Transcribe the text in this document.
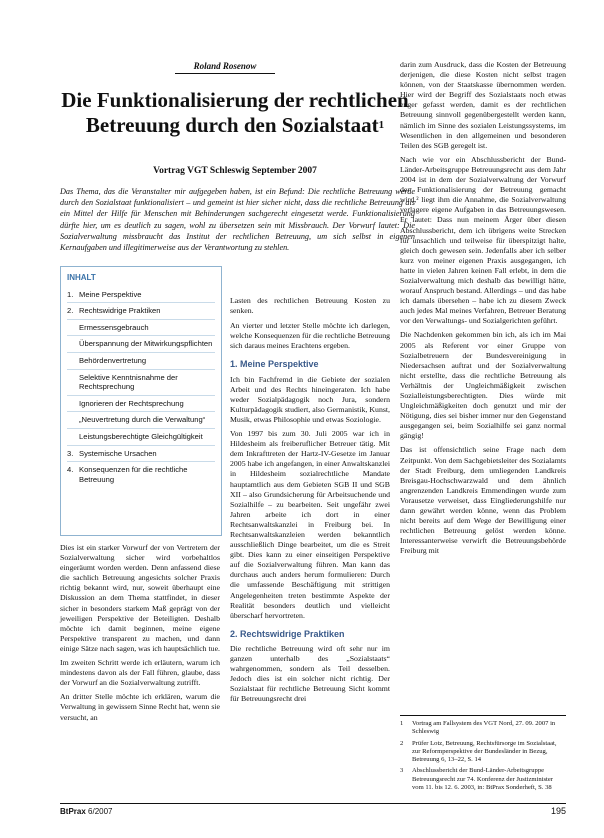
Roland Rosenow
Die Funktionalisierung der rechtlichen Betreuung durch den Sozialstaat$^1$
Vortrag VGT Schleswig September 2007
Das Thema, das die Veranstalter mir aufgegeben haben, ist ein Befund: Die rechtliche Betreuung werde durch den Sozialstaat funktionalisiert – und gemeint ist hier sicher nicht, dass die rechtliche Betreuung als ein Mittel der Hilfe für Menschen mit Behinderungen sachgerecht eingesetzt werde. Funktionalisierung dürfte hier, um es deutlich zu sagen, wohl zu übersetzen sein mit Missbrauch. Der Vorwurf lautet: Die Sozialverwaltung missbraucht das Institut der rechtlichen Betreuung, um sich selbst in eigenen Kernaufgaben und illegitimerweise aus der Verantwortung zu stehlen.
INHALT
1. Meine Perspektive
2. Rechtswidrige Praktiken
Ermessensgebrauch
Überspannung der Mitwirkungspflichten
Behördenvertretung
Selektive Kenntnisnahme der Rechtsprechung
Ignorieren der Rechtsprechung
„Neuvertretung durch die Verwaltung“
Leistungsberechtigte Gleichgültigkeit
3. Systemische Ursachen
4. Konsequenzen für die rechtliche Betreuung

Dies ist ein starker Vorwurf der von Vertretern der Sozialverwaltung sicher wird vorbehaltlos eingeräumt worden werden. Denn anfassend diese die sachlich Betreuung angesichts solcher Praxis richtig bekannt wird, nur, soweit überhaupt eine Diskussion an dem Thema stattfindet, in dieser sicher in besonders starkem Maß geprägt von der jeweiligen Perspektive der Beteiligten. Deshalb möchte ich damit beginnen, meine eigene Perspektive transparent zu machen, und dann einige Sätze nach sagen, was ich hauptsächlich tue.

Im zweiten Schritt werde ich erläutern, warum ich mindestens davon als der Fall führen, glaube, dass der Vorwurf an die Sozialverwaltung zutrifft.

An dritter Stelle möchte ich erklären, warum die Verwaltung in gewissem Sinne Recht hat, wenn sie versucht, an

Lasten des rechtlichen Betreuung Kosten zu senken.

An vierter und letzter Stelle möchte ich darlegen, welche Konsequenzen für die rechtliche Betreuung sich daraus meines Erachtens ergeben.

1. Meine Perspektive

Ich bin Fachfremd in die Gebiete der sozialen Arbeit und des Rechts hineingeraten. Ich habe weder Sozialpädagogik noch Jura, sondern Kulturpädagogik studiert, also Germanistik, Kunst, Musik, etwas Philosophie und etwas Soziologie.

Von 1997 bis zum 30. Juli 2005 war ich in Hildesheim als freiberuflicher Betreuer tätig. Mit dem Inkrafttreten der Hartz-IV-Gesetze im Januar 2005 habe ich angefangen, in einer Anwaltskanzlei in Hildesheim sozialrechtliche Mandate hauptamtlich aus dem Gebieten SGB II und SGB XII – also Grundsicherung für Arbeitsuchende und Sozialhilfe – zu bearbeiten. Seit ungefähr zwei Jahren arbeite ich dort in einer Rechtsanwaltskanzlei in Freiburg bei. In Rechtsanwaltskanzleien werden bekanntlich ausschließlich Dinge bearbeitet, um die es Streit gibt. Dies kann zu einer einseitigen Perspektive auf die Sozialverwaltung führen. Man kann das durchaus auch anders herum formulieren: Durch die umfassende Beschäftigung mit strittigen Angelegenheiten treten bestimmte Aspekte der Realität besonders deutlich und vielleicht überscharf hervortreten.

2. Rechtswidrige Praktiken

Die rechtliche Betreuung wird oft sehr nur im ganzen unterhalb des „Sozialstaats“ wahrgenommen, sondern als Teil desselben. Jedoch dies ist ein solcher nicht richtig. Der Sozialstaat für rechtliche Betreuung Sicht kommt für Betreuungsrecht drei

darin zum Ausdruck, dass die Kosten der Betreuung derjenigen, die diese Kosten nicht selbst tragen können, von der Staatskasse übernommen werden. Hier wird der Begriff des Sozialstaats noch etwas enger gefasst werden, damit es der rechtlichen Betreuung sinnvoll gegenübergestellt werden kann, nämlich im Sinne des sozialen Leistungssystems, im Wesentlichen in den allgemeinen und besonderen Teilen des SGB geregelt ist.

Nach wie vor ein Abschlussbericht der Bund-Länder-Arbeitsgruppe Betreuungsrecht aus dem Jahr 2004 ist in dem der Sozialverwaltung der Vorwurf der Funktionalisierung der Betreuung gemacht wird,² liegt ihm die Annahme, die Sozialverwaltung verlagere eigene Aufgaben in das Betreuungswesen. Er lautet: Dass nun meinem Ärger über diesen Abschlussbericht, dem ich übrigens weite Strecken für unsachlich und teilweise für überspitzigt halte, gleich doch gewesen sein. Jedenfalls aber ich selber kurz von meiner eigenen Praxis ausgegangen, ich hatte in vielen Jahren keinen Fall erlebt, in dem die Sozialverwaltung mich deshalb das bewilligt hätte, worauf Anspruch bestand. Allerdings – und das habe ich damals übersehen – habe ich zu diesem Zweck auch jedes Mal meines Verfahren, Betreuer Beratung vor den Verwaltungs- und Sozialgerichten geführt.

Die Nachdenken gekommen bin ich, als ich im Mai 2005 als Referent vor einer Gruppe von Sozialbetreuern der Bundesvereinigung in Niedersachsen auftrat und der Sozialverwaltung nicht erstellte, dass die rechtliche Betreuung als Verhältnis der Ungleichmäßigkeit zwischen Sozialleistungsberechtigten. Dies würde mit Ungleichmäßigkeiten doch genutzt und mir der Nötigung, dies sei bisher immer nur den Gegenstand ausgegangen sei, beim Sozialhilfe sei ganz normal gängig!

Das ist offensichtlich seine Frage nach dem Zeitpunkt. Von dem Sachgebietsleiter des Sozialamts der Stadt Freiburg, dem umliegenden Landkreis Breisgau-Hochschwarzwald und dem ähnlich angrenzenden Landkreis Emmendingen wurde zum Vorausetze verweiset, dass Eingliederungshilfe nur dann gewährt werden könne, wenn das Problem nicht bereits auf dem Wege der Bewilligung einer rechtlichen Betreuung gelöst werden könne. Interessanterweise verwirft die Betreuungsbehörde Freiburg mit

1	Vortrag am Fallsystem des VGT Nord, 27. 09. 2007 in Schleswig
2	Prüfer Lotz, Betreuung, Rechtsfürsorge im Sozialstaat, zur Reformperspektive der Bundesländer in Bezug, Betreuung 6, 13–22, S. 14
3	Abschlussbericht der Bund-Länder-Arbeitsgruppe Betreuungsrecht zur 74. Konferenz der Justizminister vom 11. bis 12. 6. 2003, in: BtPrax Sonderheft, S. 38
BtPrax 6/2007	195
